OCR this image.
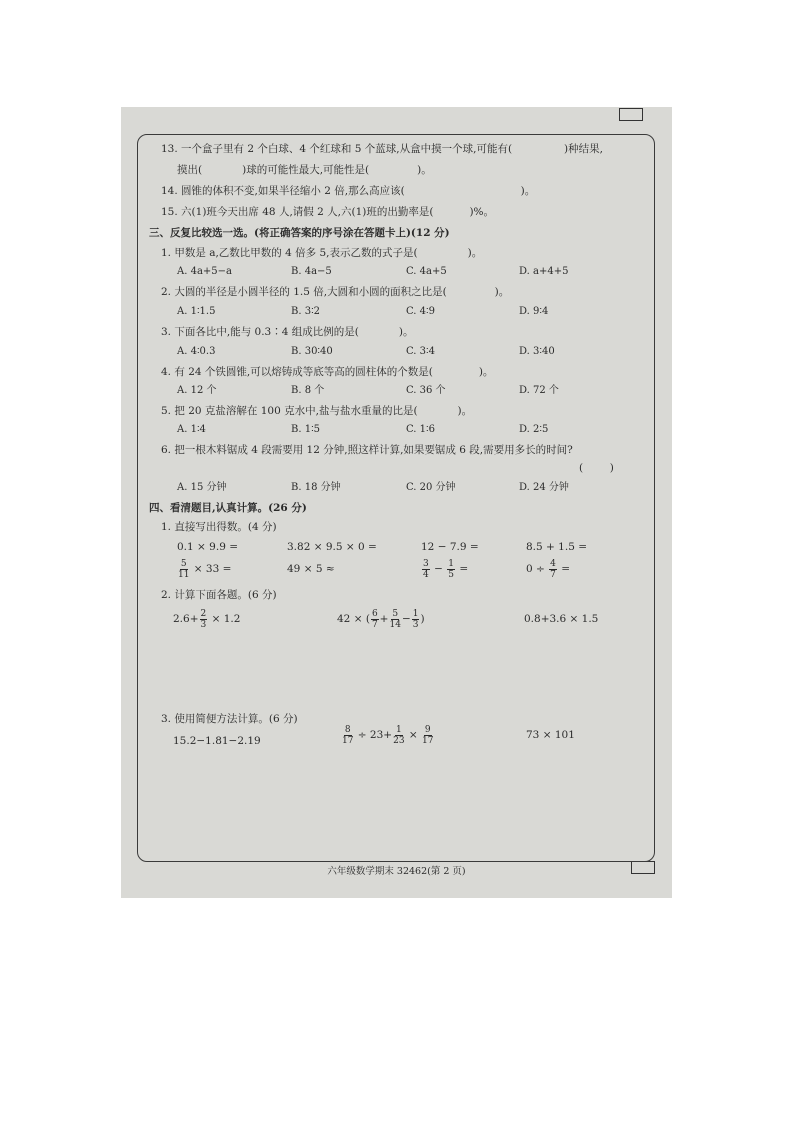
13. 一个盒子里有 2 个白球、4 个红球和 5 个蓝球,从盒中摸一个球,可能有(	)种结果,
摸出(	)球的可能性最大,可能性是(	)。
14. 圆锥的体积不变,如果半径缩小 2 倍,那么高应该(	)。
15. 六(1)班今天出席 48 人,请假 2 人,六(1)班的出勤率是(	)%。
三、反复比较选一选。(将正确答案的序号涂在答题卡上)(12 分)
1. 甲数是 a,乙数比甲数的 4 倍多 5,表示乙数的式子是(	)。
A. 4a+5−a	B. 4a−5	C. 4a+5	D. a+4+5
2. 大圆的半径是小圆半径的 1.5 倍,大圆和小圆的面积之比是(	)。
A. 1∶1.5	B. 3∶2	C. 4∶9	D. 9∶4
3. 下面各比中,能与 0.3∶4 组成比例的是(	)。
A. 4∶0.3	B. 30∶40	C. 3∶4	D. 3∶40
4. 有 24 个铁圆锥,可以熔铸成等底等高的圆柱体的个数是(	)。
A. 12 个	B. 8 个	C. 36 个	D. 72 个
5. 把 20 克盐溶解在 100 克水中,盐与盐水重量的比是(	)。
A. 1∶4	B. 1∶5	C. 1∶6	D. 2∶5
6. 把一根木料锯成 4 段需要用 12 分钟,照这样计算,如果要锯成 6 段,需要用多长的时间?
(        )
A. 15 分钟	B. 18 分钟	C. 20 分钟	D. 24 分钟
四、看清题目,认真计算。(26 分)
1. 直接写出得数。(4 分)
0.1 × 9.9 =	3.82 × 9.5 × 0 =	12 − 7.9 =	8.5 + 1.5 =
$\frac{5}{11} \times 33$ =	49 × 5 ≈	$\frac{3}{4} - \frac{1}{5}$ =	$0 \div \frac{4}{7}$ =
2. 计算下面各题。(6 分)
$2.6+ \frac{2}{3} \times 1.2$	42 × ( $\frac{6}{7} + \frac{5}{14} - \frac{1}{3}$ )	0.8+3.6 × 1.5
3. 使用简便方法计算。(6 分)
15.2−1.81−2.19	$\frac{8}{17} \div 23+ \frac{1}{23} \times \frac{9}{17}$	73 × 101
六年级数学期末 32462(第 2 页)
